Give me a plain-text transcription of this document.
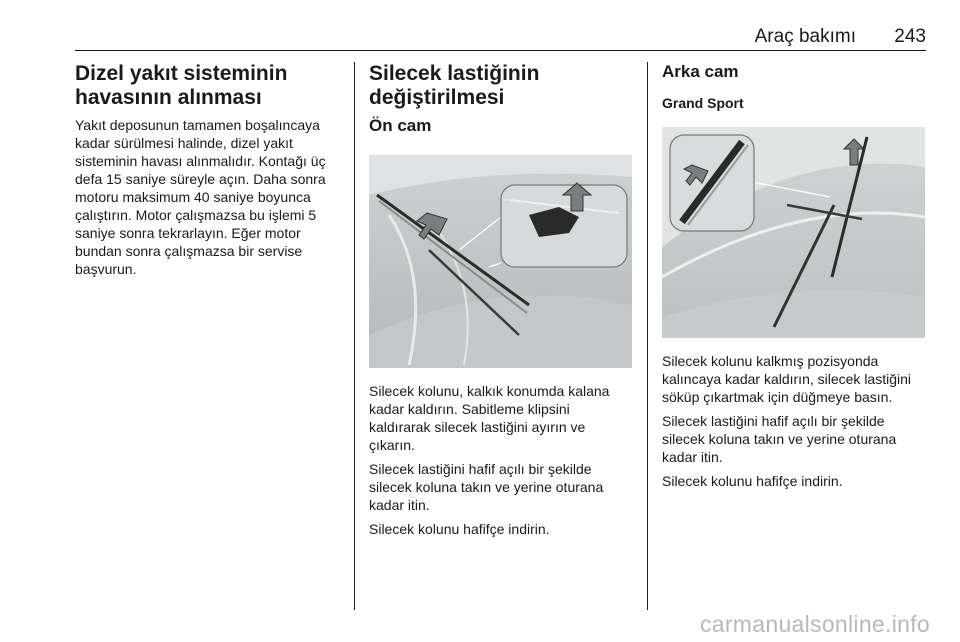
Araç bakımı 243
Dizel yakıt sisteminin havasının alınması

Yakıt deposunun tamamen boşalıncaya kadar sürülmesi halinde, dizel yakıt sisteminin havası alınmalıdır. Kontağı üç defa 15 saniye süreyle açın. Daha sonra motoru maksimum 40 saniye boyunca çalıştırın. Motor çalışmazsa bu işlemi 5 saniye sonra tekrarlayın. Eğer motor bundan sonra çalışmazsa bir servise başvurun.

Silecek lastiğinin değiştirilmesi
Ön cam

Silecek kolunu, kalkık konumda kalana kadar kaldırın. Sabitleme klipsini kaldırarak silecek lastiğini ayırın ve çıkarın.

Silecek lastiğini hafif açılı bir şekilde silecek koluna takın ve yerine oturana kadar itin.

Silecek kolunu hafifçe indirin.

Arka cam
Grand Sport

Silecek kolunu kalkmış pozisyonda kalıncaya kadar kaldırın, silecek lastiğini söküp çıkartmak için düğmeye basın.

Silecek lastiğini hafif açılı bir şekilde silecek koluna takın ve yerine oturana kadar itin.

Silecek kolunu hafifçe indirin.

carmanualsonline.info
